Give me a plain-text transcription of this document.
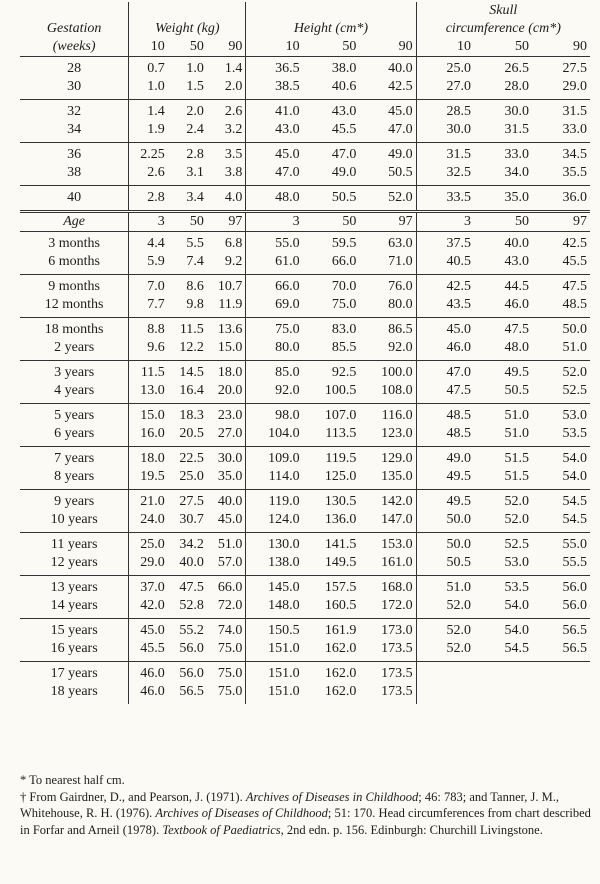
Gestation
(weeks)	Weight (kg)			Height (cm*)			Skull
circumference (cm*)		
	10	50	90	10	50	90	10	50	90
28	0.7	1.0	1.4	36.5	38.0	40.0	25.0	26.5	27.5
30	1.0	1.5	2.0	38.5	40.6	42.5	27.0	28.0	29.0
32	1.4	2.0	2.6	41.0	43.0	45.0	28.5	30.0	31.5
34	1.9	2.4	3.2	43.0	45.5	47.0	30.0	31.5	33.0
36	2.25	2.8	3.5	45.0	47.0	49.0	31.5	33.0	34.5
38	2.6	3.1	3.8	47.0	49.0	50.5	32.5	34.0	35.5
40	2.8	3.4	4.0	48.0	50.5	52.0	33.5	35.0	36.0
Age	3	50	97	3	50	97	3	50	97
3 months	4.4	5.5	6.8	55.0	59.5	63.0	37.5	40.0	42.5
6 months	5.9	7.4	9.2	61.0	66.0	71.0	40.5	43.0	45.5
9 months	7.0	8.6	10.7	66.0	70.0	76.0	42.5	44.5	47.5
12 months	7.7	9.8	11.9	69.0	75.0	80.0	43.5	46.0	48.5
18 months	8.8	11.5	13.6	75.0	83.0	86.5	45.0	47.5	50.0
2 years	9.6	12.2	15.0	80.0	85.5	92.0	46.0	48.0	51.0
3 years	11.5	14.5	18.0	85.0	92.5	100.0	47.0	49.5	52.0
4 years	13.0	16.4	20.0	92.0	100.5	108.0	47.5	50.5	52.5
5 years	15.0	18.3	23.0	98.0	107.0	116.0	48.5	51.0	53.0
6 years	16.0	20.5	27.0	104.0	113.5	123.0	48.5	51.0	53.5
7 years	18.0	22.5	30.0	109.0	119.5	129.0	49.0	51.5	54.0
8 years	19.5	25.0	35.0	114.0	125.0	135.0	49.5	51.5	54.0
9 years	21.0	27.5	40.0	119.0	130.5	142.0	49.5	52.0	54.5
10 years	24.0	30.7	45.0	124.0	136.0	147.0	50.0	52.0	54.5
11 years	25.0	34.2	51.0	130.0	141.5	153.0	50.0	52.5	55.0
12 years	29.0	40.0	57.0	138.0	149.5	161.0	50.5	53.0	55.5
13 years	37.0	47.5	66.0	145.0	157.5	168.0	51.0	53.5	56.0
14 years	42.0	52.8	72.0	148.0	160.5	172.0	52.0	54.0	56.0
15 years	45.0	55.2	74.0	150.5	161.9	173.0	52.0	54.0	56.5
16 years	45.5	56.0	75.0	151.0	162.0	173.5	52.0	54.5	56.5
17 years	46.0	56.0	75.0	151.0	162.0	173.5			
18 years	46.0	56.5	75.0	151.0	162.0	173.5			

* To nearest half cm.

† From Gairdner, D., and Pearson, J. (1971). Archives of Diseases in Childhood; 46: 783; and Tanner, J. M., Whitehouse, R. H. (1976). Archives of Diseases of Childhood; 51: 170. Head circumferences from chart described in Forfar and Arneil (1978). Textbook of Paediatrics, 2nd edn. p. 156. Edinburgh: Churchill Livingstone.
